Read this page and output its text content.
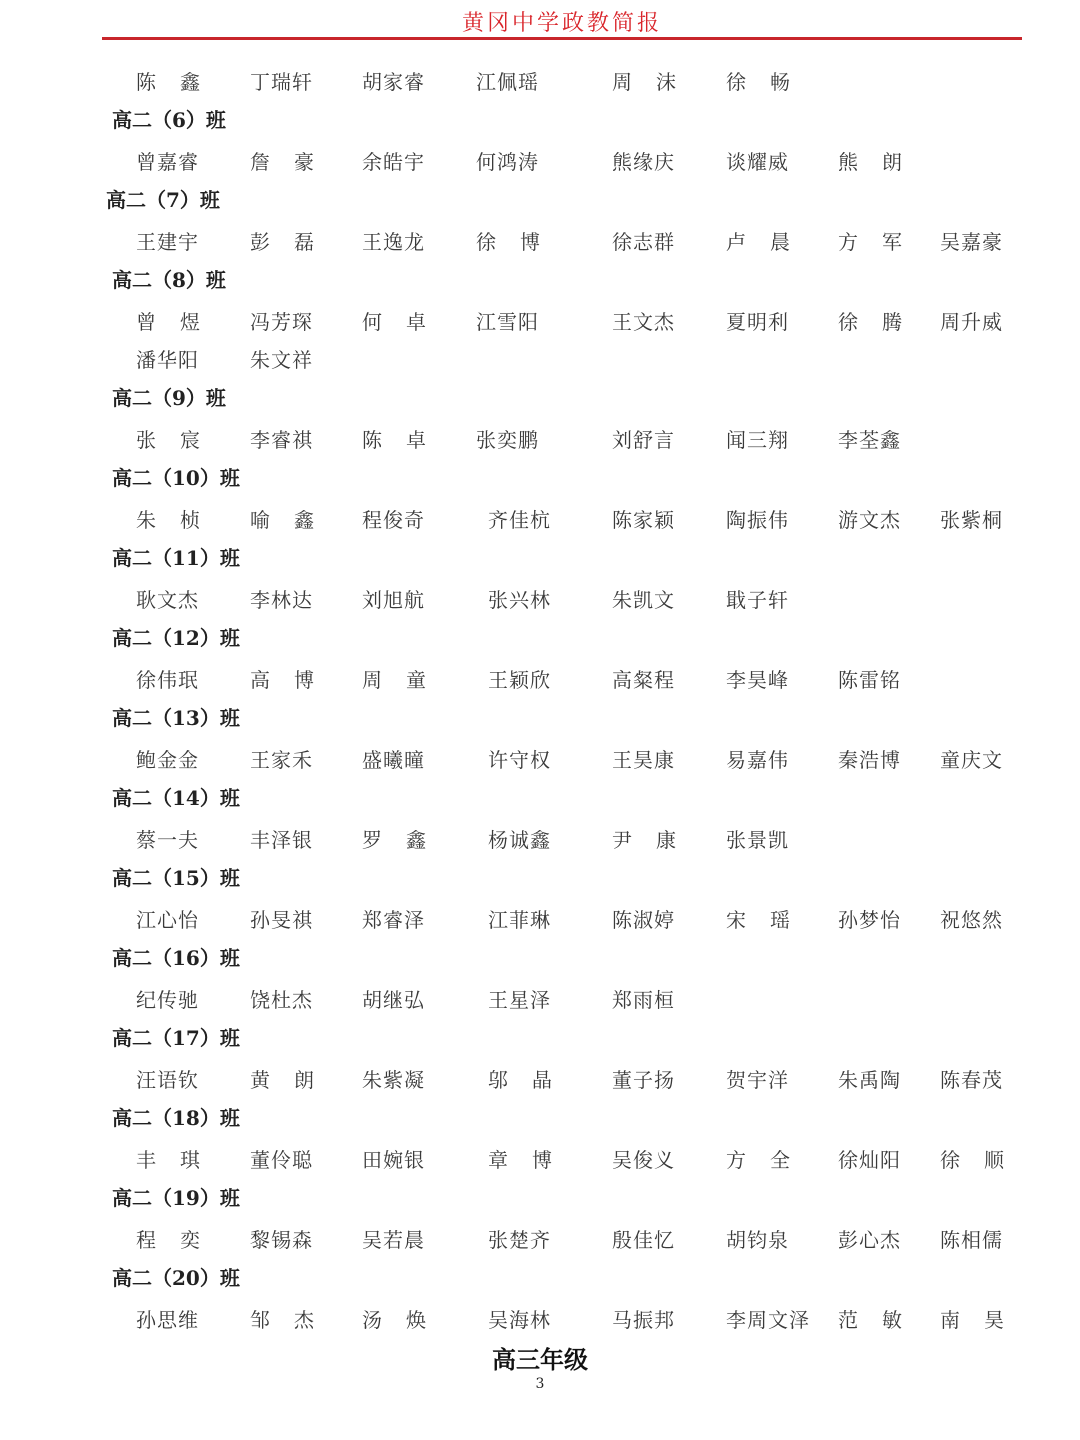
黄冈中学政教简报
陈鑫 丁瑞轩 胡家睿	江佩瑶	周沫 徐畅
高二（6）班
曾嘉睿	詹豪 余皓宇	何鸿涛	熊缘庆	谈耀威 熊朗
高二（7）班
王建宇	彭磊 王逸龙	徐博 徐志群	卢晨 方军 吴嘉豪
高二（8）班
曾煜 冯芳琛 何卓 江雪阳	王文杰	夏明利 徐腾 周升威
潘华阳	朱文祥
高二（9）班
张宸 李睿祺 陈卓 张奕鹏	刘舒言	闻三翔 李荃鑫
高二（10）班
朱桢 喻鑫 程俊奇	齐佳杭	陈家颖	陶振伟 游文杰 张紫桐
高二（11）班
耿文杰	李林达 刘旭航	张兴林	朱凯文	戢子轩
高二（12）班
徐伟珉	高博 周童 王颖欣	高粲程	李昊峰 陈雷铭
高二（13）班
鲍金金	王家禾 盛曦曈	许守权	王昊康	易嘉伟 秦浩博 童庆文
高二（14）班
蔡一夫	丰泽银 罗鑫 杨诚鑫	尹康 张景凯
高二（15）班
江心怡	孙旻祺 郑睿泽	江菲琳	陈淑婷	宋瑶 孙梦怡 祝悠然
高二（16）班
纪传驰	饶杜杰 胡继弘	王星泽	郑雨桓
高二（17）班
汪语钦	黄朗 朱紫凝	邬晶 董子扬	贺宇洋 朱禹陶 陈春茂
高二（18）班
丰琪 董伶聪 田婉银	章博 吴俊义	方全 徐灿阳 徐顺
高二（19）班
程奕 黎锡森 吴若晨	张楚齐	殷佳忆	胡钧泉 彭心杰 陈相儒
高二（20）班
孙思维	邹杰 汤焕 吴海林	马振邦	李周文泽 范敏 南昊
高三年级
3
